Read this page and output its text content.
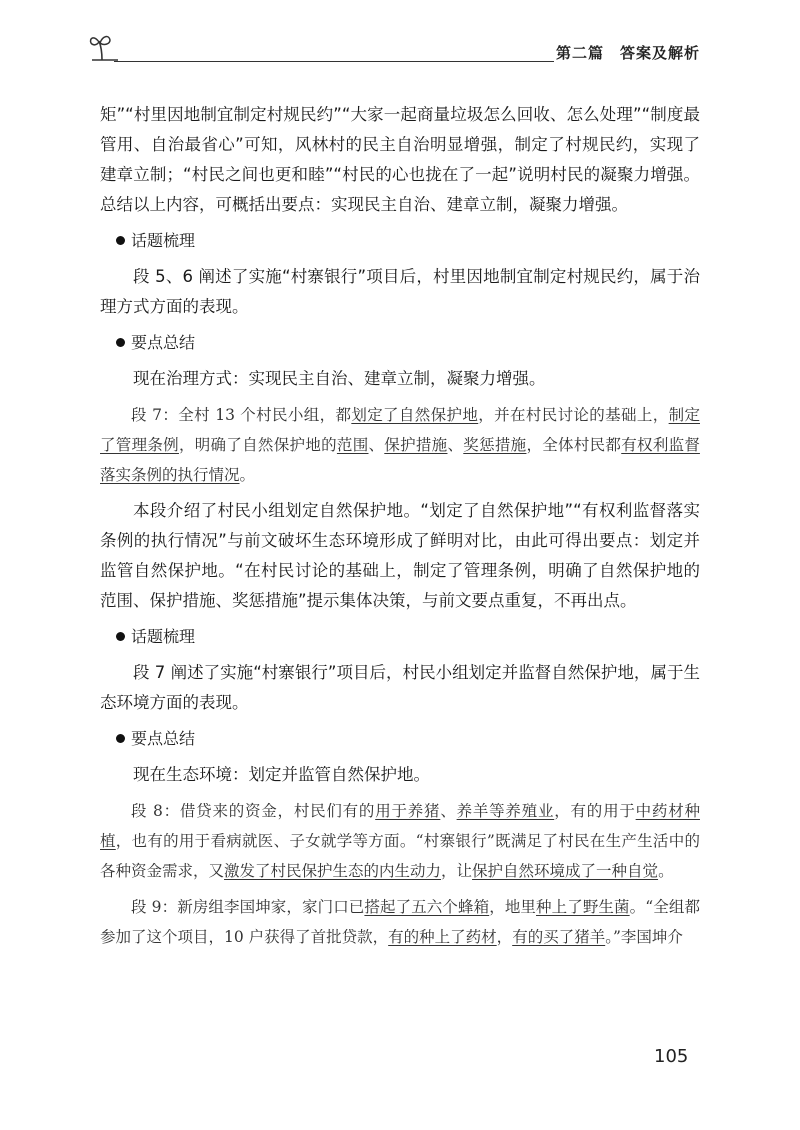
第二篇　答案及解析

矩”“村里因地制宜制定村规民约”“大家一起商量垃圾怎么回收、怎么处理”“制度最管用、自治最省心”可知，风林村的民主自治明显增强，制定了村规民约，实现了建章立制；“村民之间也更和睦”“村民的心也拢在了一起”说明村民的凝聚力增强。总结以上内容，可概括出要点：实现民主自治、建章立制，凝聚力增强。

话题梳理

段 5、6 阐述了实施“村寨银行”项目后，村里因地制宜制定村规民约，属于治理方式方面的表现。

要点总结

现在治理方式：实现民主自治、建章立制，凝聚力增强。

段 7：全村 13 个村民小组，都划定了自然保护地，并在村民讨论的基础上，制定了管理条例，明确了自然保护地的范围、保护措施、奖惩措施，全体村民都有权利监督落实条例的执行情况。

本段介绍了村民小组划定自然保护地。“划定了自然保护地”“有权利监督落实条例的执行情况”与前文破坏生态环境形成了鲜明对比，由此可得出要点：划定并监管自然保护地。“在村民讨论的基础上，制定了管理条例，明确了自然保护地的范围、保护措施、奖惩措施”提示集体决策，与前文要点重复，不再出点。

话题梳理

段 7 阐述了实施“村寨银行”项目后，村民小组划定并监督自然保护地，属于生态环境方面的表现。

要点总结

现在生态环境：划定并监管自然保护地。

段 8：借贷来的资金，村民们有的用于养猪、养羊等养殖业，有的用于中药材种植，也有的用于看病就医、子女就学等方面。“村寨银行”既满足了村民在生产生活中的各种资金需求，又激发了村民保护生态的内生动力，让保护自然环境成了一种自觉。

段 9：新房组李国坤家，家门口已搭起了五六个蜂箱，地里种上了野生菌。“全组都参加了这个项目，10 户获得了首批贷款，有的种上了药材，有的买了猪羊。”李国坤介

105
